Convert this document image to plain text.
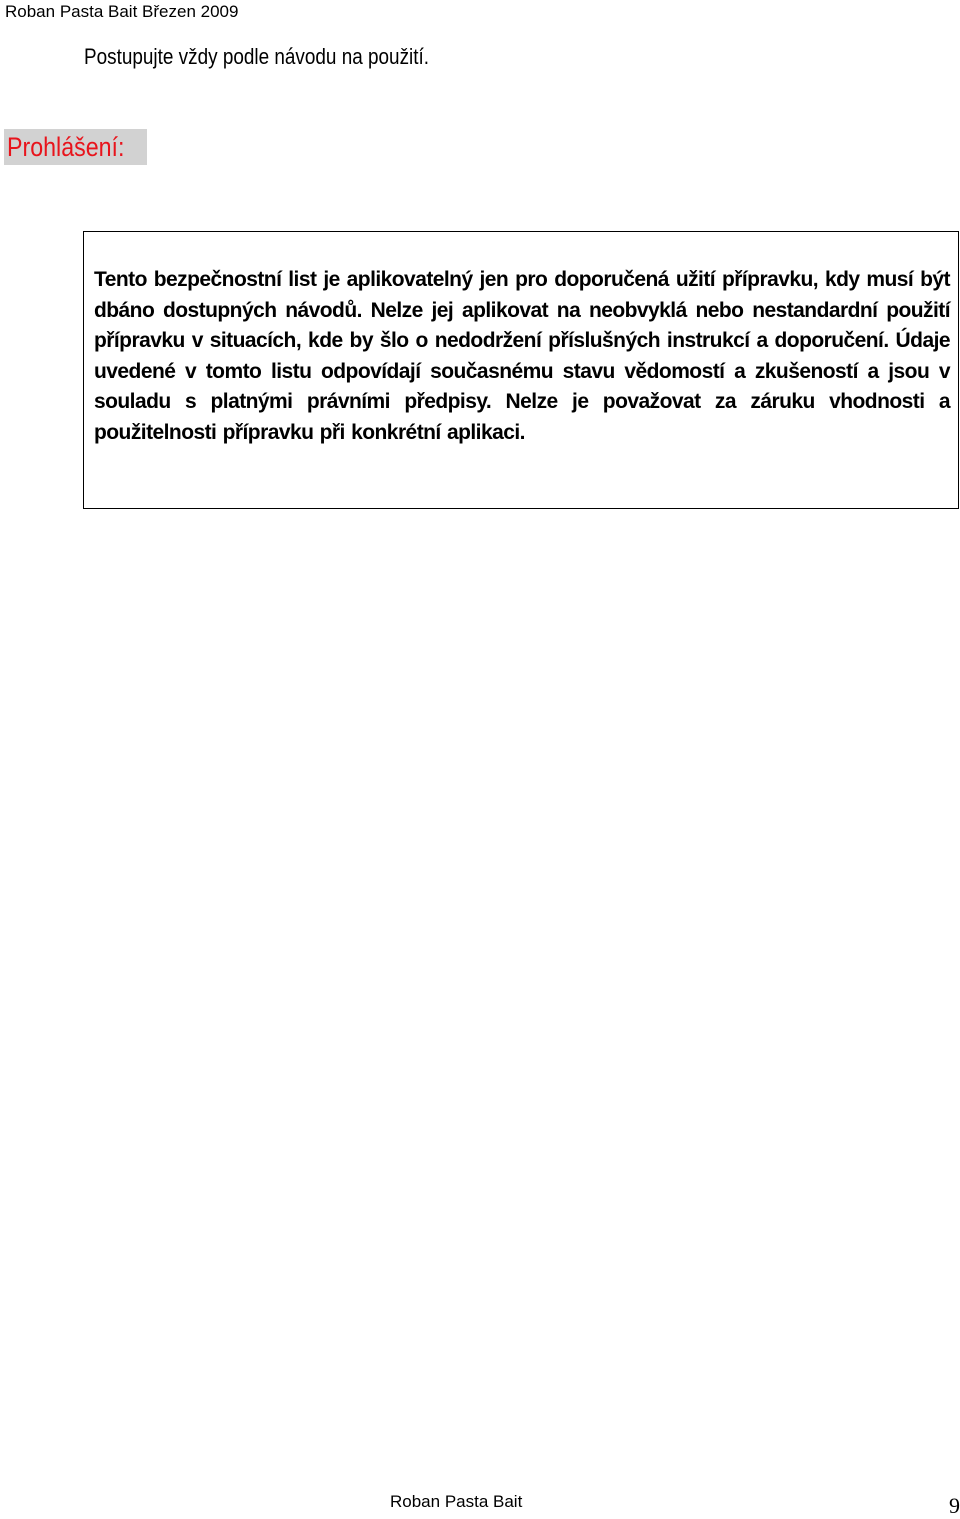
Roban Pasta Bait Březen 2009
Postupujte vždy podle návodu na použití.
Prohlášení:

Tento bezpečnostní list je aplikovatelný jen pro doporučená užití přípravku, kdy musí být dbáno dostupných návodů. Nelze jej aplikovat na neobvyklá nebo nestandardní použití přípravku v situacích, kde by šlo o nedodržení příslušných instrukcí a doporučení. Údaje uvedené v tomto listu odpovídají současnému stavu vědomostí a zkušeností a jsou v souladu s platnými právními předpisy. Nelze je považovat za záruku vhodnosti a použitelnosti přípravku při konkrétní aplikaci.

Roban Pasta Bait	9
